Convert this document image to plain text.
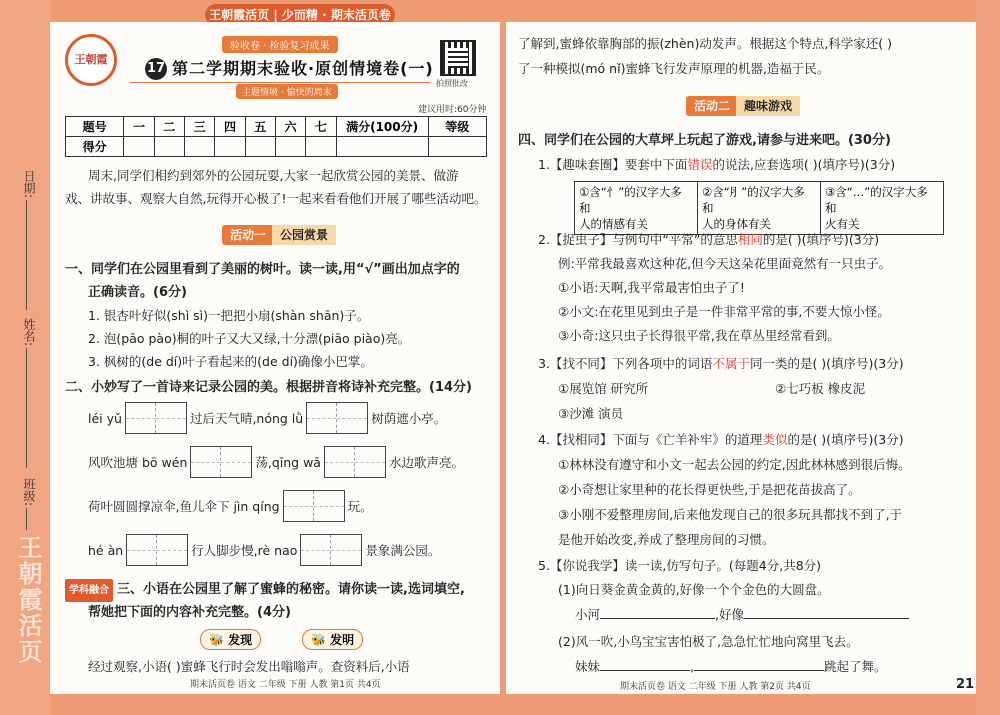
王朝霞活页 | 少而精 · 期末活页卷
日期:
姓名:
班级:
王朝霞活页
王朝霞
验收卷 · 检验复习成果
17 第二学期期末验收·原创情境卷(一)
主题情境 · 愉快的周末
拍照批改
建议用时:60分钟
题号	一	二	三	四	五	六	七	满分(100分)	等级
得分									
周末,同学们相约到郊外的公园玩耍,大家一起欣赏公园的美景、做游
戏、讲故事、观察大自然,玩得开心极了!一起来看看他们开展了哪些活动吧。
活动一 公园赏景
一、同学们在公园里看到了美丽的树叶。读一读,用“√”画出加点字的
正确读音。(6分)
1. 银杏叶好似(shì sì)一把把小扇(shàn shān)子。
2. 泡(pāo pào)桐的叶子又大又绿,十分漂(piāo piào)亮。
3. 枫树的(de dí)叶子看起来的(de dí)确像小巴掌。
二、小妙写了一首诗来记录公园的美。根据拼音将诗补充完整。(14分)
léi yǔ	过后天气晴,nóng lǜ	树荫遮小亭。
风吹池塘 bō wén	荡,qīng wā	水边歌声亮。
荷叶圆圆撑凉伞,鱼儿伞下 jìn qíng	玩。
hé àn	行人脚步慢,rè nao	景象满公园。
学科融合 三、小语在公园里了解了蜜蜂的秘密。请你读一读,选词填空,
帮她把下面的内容补充完整。(4分)
🐝 发现	🐝 发明
经过观察,小语( )蜜蜂飞行时会发出嗡嗡声。查资料后,小语
期末活页卷 语文 二年级 下册 人教 第1页 共4页
了解到,蜜蜂依靠胸部的振(zhèn)动发声。根据这个特点,科学家还( )
了一种模拟(mó nǐ)蜜蜂飞行发声原理的机器,造福于民。
活动二 趣味游戏
四、同学们在公园的大草坪上玩起了游戏,请参与进来吧。(30分)
1.【趣味套圈】要套中下面错误的说法,应套选项( )(填序号)(3分)
①含“忄”的汉字大多和
人的情感有关

②含“⺼”的汉字大多和
人的身体有关

③含“…”的汉字大多和
火有关
2.【捉虫子】与例句中“平常”的意思相同的是( )(填序号)(3分)
例:平常我最喜欢这种花,但今天这朵花里面竟然有一只虫子。
①小语:天啊,我平常最害怕虫子了!
②小文:在花里见到虫子是一件非常平常的事,不要大惊小怪。
③小奇:这只虫子长得很平常,我在草丛里经常看到。
3.【找不同】下列各项中的词语不属于同一类的是( )(填序号)(3分)
①展览馆 研究所	②七巧板 橡皮泥
③沙滩 演员
4.【找相同】下面与《亡羊补牢》的道理类似的是( )(填序号)(3分)
①林林没有遵守和小文一起去公园的约定,因此林林感到很后悔。
②小奇想让家里种的花长得更快些,于是把花苗拔高了。
③小刚不爱整理房间,后来他发现自己的很多玩具都找不到了,于
是他开始改变,养成了整理房间的习惯。
5.【你说我学】读一读,仿写句子。(每题4分,共8分)
(1)向日葵金黄金黄的,好像一个个金色的大圆盘。
小河	,好像
(2)风一吹,小鸟宝宝害怕极了,急急忙忙地向窝里飞去。
妹妹	,	跳起了舞。
期末活页卷 语文 二年级 下册 人教 第2页 共4页	21
